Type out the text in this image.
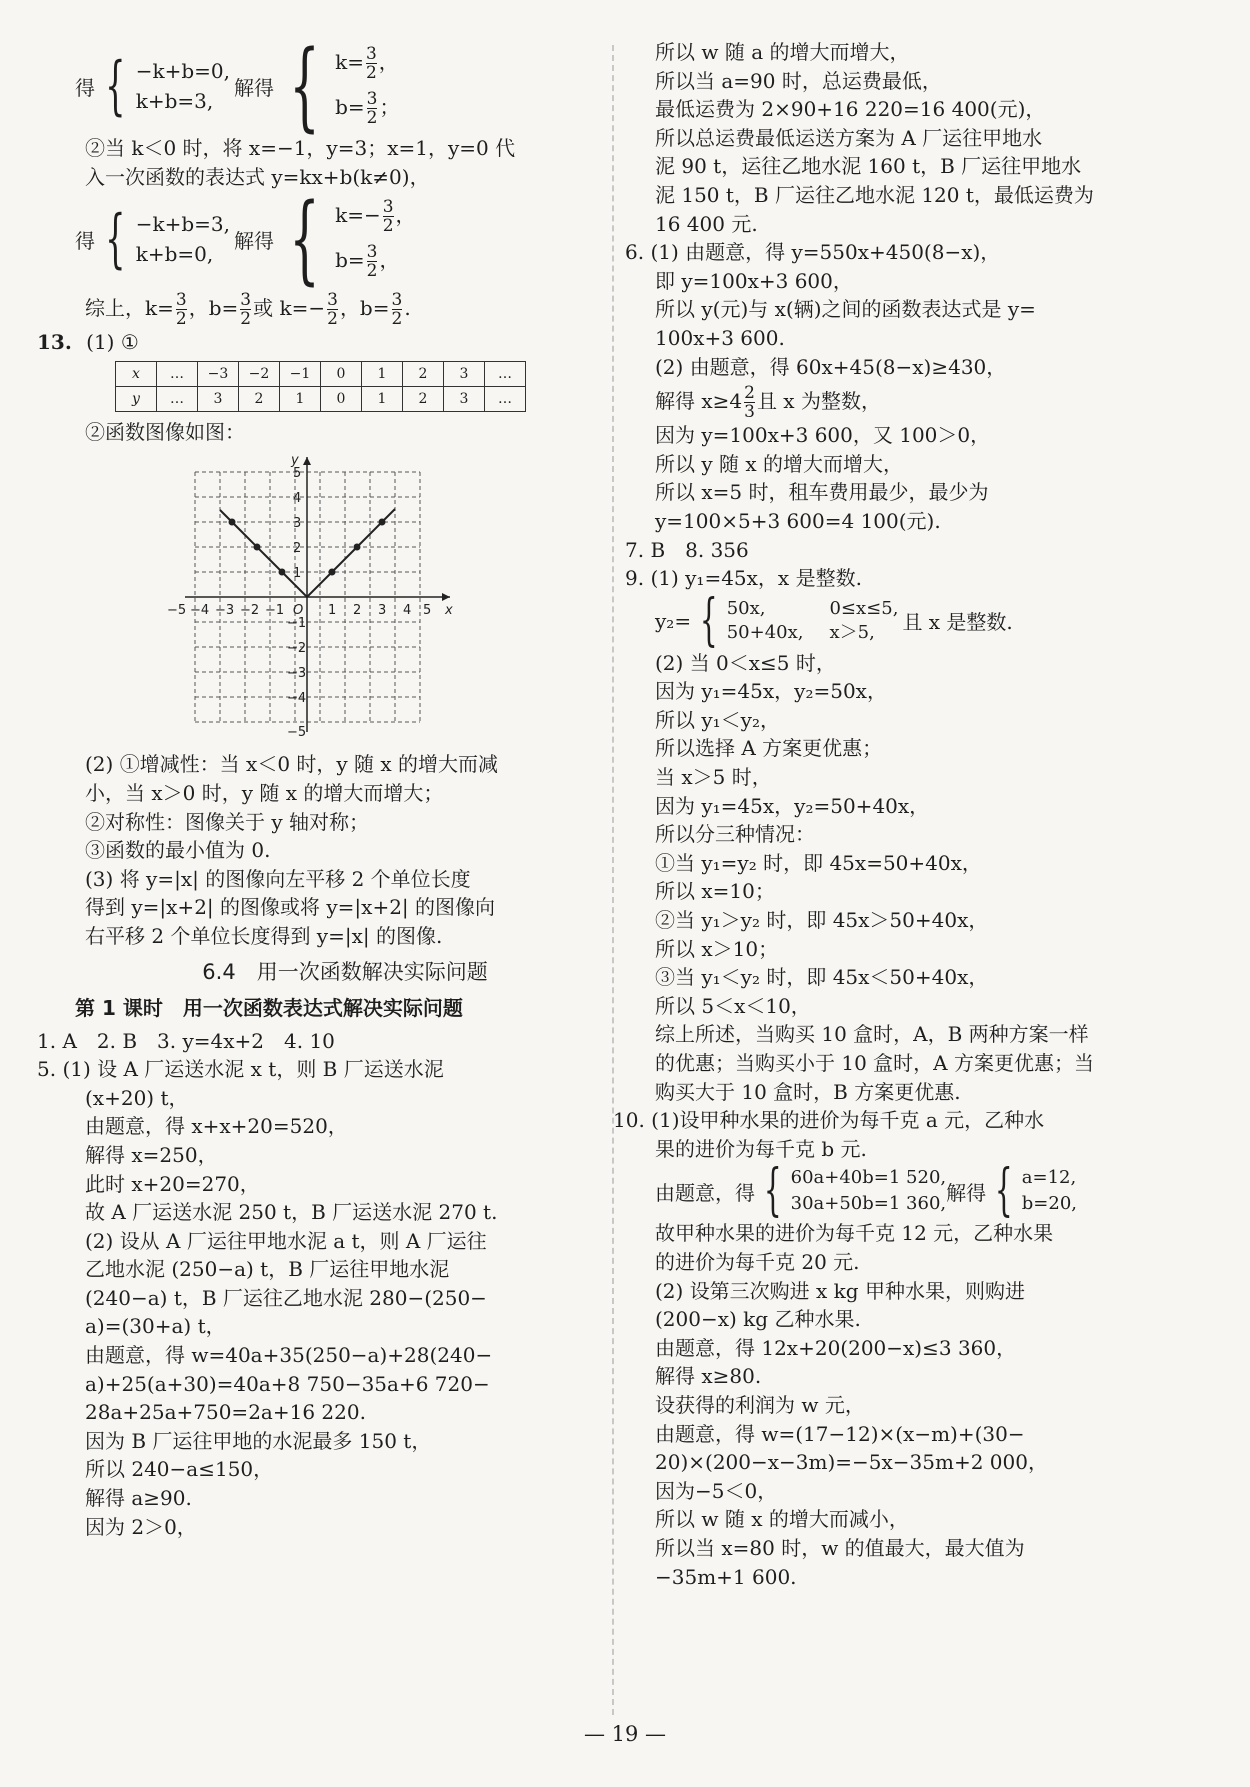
得 { −k+b=0,
k+b=3,
解得 { $k= \frac{3}{2}$ ，
$b= \frac{3}{2}$ ；

②当 k＜0 时，将 x=−1，y=3；x=1，y=0 代

入一次函数的表达式 y=kx+b(k≠0)，

得 { −k+b=3,
k+b=0,
解得 { $k=- \frac{3}{2}$ ，
$b= \frac{3}{2}$ ，

综上，$k= \frac{3}{2}$ ，$b= \frac{3}{2}$ 或 $k=- \frac{3}{2}$ ，$b= \frac{3}{2}$ .

13. (1) ①

x	…	−3	−2	−1	0	1	2	3	…
y	…	3	2	1	0	1	2	3	…

②函数图像如图：

−5 −4 −3 −2 −1 O 1 2 3 4 5
5
4
3
2
1
−1
−2
−3
−4
−5
x
y

(2) ①增减性：当 x＜0 时，y 随 x 的增大而减

小，当 x＞0 时，y 随 x 的增大而增大；

②对称性：图像关于 y 轴对称；

③函数的最小值为 0.

(3) 将 y=|x| 的图像向左平移 2 个单位长度

得到 y=|x+2| 的图像或将 y=|x+2| 的图像向

右平移 2 个单位长度得到 y=|x| 的图像.

6.4　用一次函数解决实际问题
第 1 课时　用一次函数表达式解决实际问题

1. A　2. B　3. y=4x+2　4. 10

5. (1) 设 A 厂运送水泥 x t，则 B 厂运送水泥

(x+20) t，

由题意，得 x+x+20=520，

解得 x=250，

此时 x+20=270，

故 A 厂运送水泥 250 t，B 厂运送水泥 270 t.

(2) 设从 A 厂运往甲地水泥 a t，则 A 厂运往

乙地水泥 (250−a) t，B 厂运往甲地水泥

(240−a) t，B 厂运往乙地水泥 280−(250−

a)=(30+a) t，

由题意，得 w=40a+35(250−a)+28(240−

a)+25(a+30)=40a+8 750−35a+6 720−

28a+25a+750=2a+16 220.

因为 B 厂运往甲地的水泥最多 150 t，

所以 240−a≤150，

解得 a≥90.

因为 2＞0，

所以 w 随 a 的增大而增大，

所以当 a=90 时，总运费最低，

最低运费为 2×90+16 220=16 400(元)，

所以总运费最低运送方案为 A 厂运往甲地水

泥 90 t，运往乙地水泥 160 t，B 厂运往甲地水

泥 150 t，B 厂运往乙地水泥 120 t，最低运费为

16 400 元.

6. (1) 由题意，得 y=550x+450(8−x)，

即 y=100x+3 600，

所以 y(元)与 x(辆)之间的函数表达式是 y=

100x+3 600.

(2) 由题意，得 60x+45(8−x)≥430，

解得 $x\ge 4 \frac{2}{3}$ 且 x 为整数，

因为 y=100x+3 600，又 100＞0，

所以 y 随 x 的增大而增大，

所以 x=5 时，租车费用最少，最少为

y=100×5+3 600=4 100(元).

7. B　8. 356

9. (1) y₁=45x，x 是整数.

y₂= { 50x,
50+40x,
0≤x≤5,
x＞5,	且 x 是整数.

(2) 当 0＜x≤5 时，

因为 y₁=45x，y₂=50x，

所以 y₁＜y₂，

所以选择 A 方案更优惠；

当 x＞5 时，

因为 y₁=45x，y₂=50+40x，

所以分三种情况：

①当 y₁=y₂ 时，即 45x=50+40x，

所以 x=10；

②当 y₁＞y₂ 时，即 45x＞50+40x，

所以 x＞10；

③当 y₁＜y₂ 时，即 45x＜50+40x，

所以 5＜x＜10，

综上所述，当购买 10 盒时，A，B 两种方案一样

的优惠；当购买小于 10 盒时，A 方案更优惠；当

购买大于 10 盒时，B 方案更优惠.

10. (1)设甲种水果的进价为每千克 a 元，乙种水

果的进价为每千克 b 元.

由题意，得 { 60a+40b=1 520,
30a+50b=1 360, 解得 { a=12,
b=20,

故甲种水果的进价为每千克 12 元，乙种水果

的进价为每千克 20 元.

(2) 设第三次购进 x kg 甲种水果，则购进

(200−x) kg 乙种水果.

由题意，得 12x+20(200−x)≤3 360，

解得 x≥80.

设获得的利润为 w 元，

由题意，得 w=(17−12)×(x−m)+(30−

20)×(200−x−3m)=−5x−35m+2 000，

因为−5＜0，

所以 w 随 x 的增大而减小，

所以当 x=80 时，w 的值最大，最大值为

−35m+1 600.

— 19 —
